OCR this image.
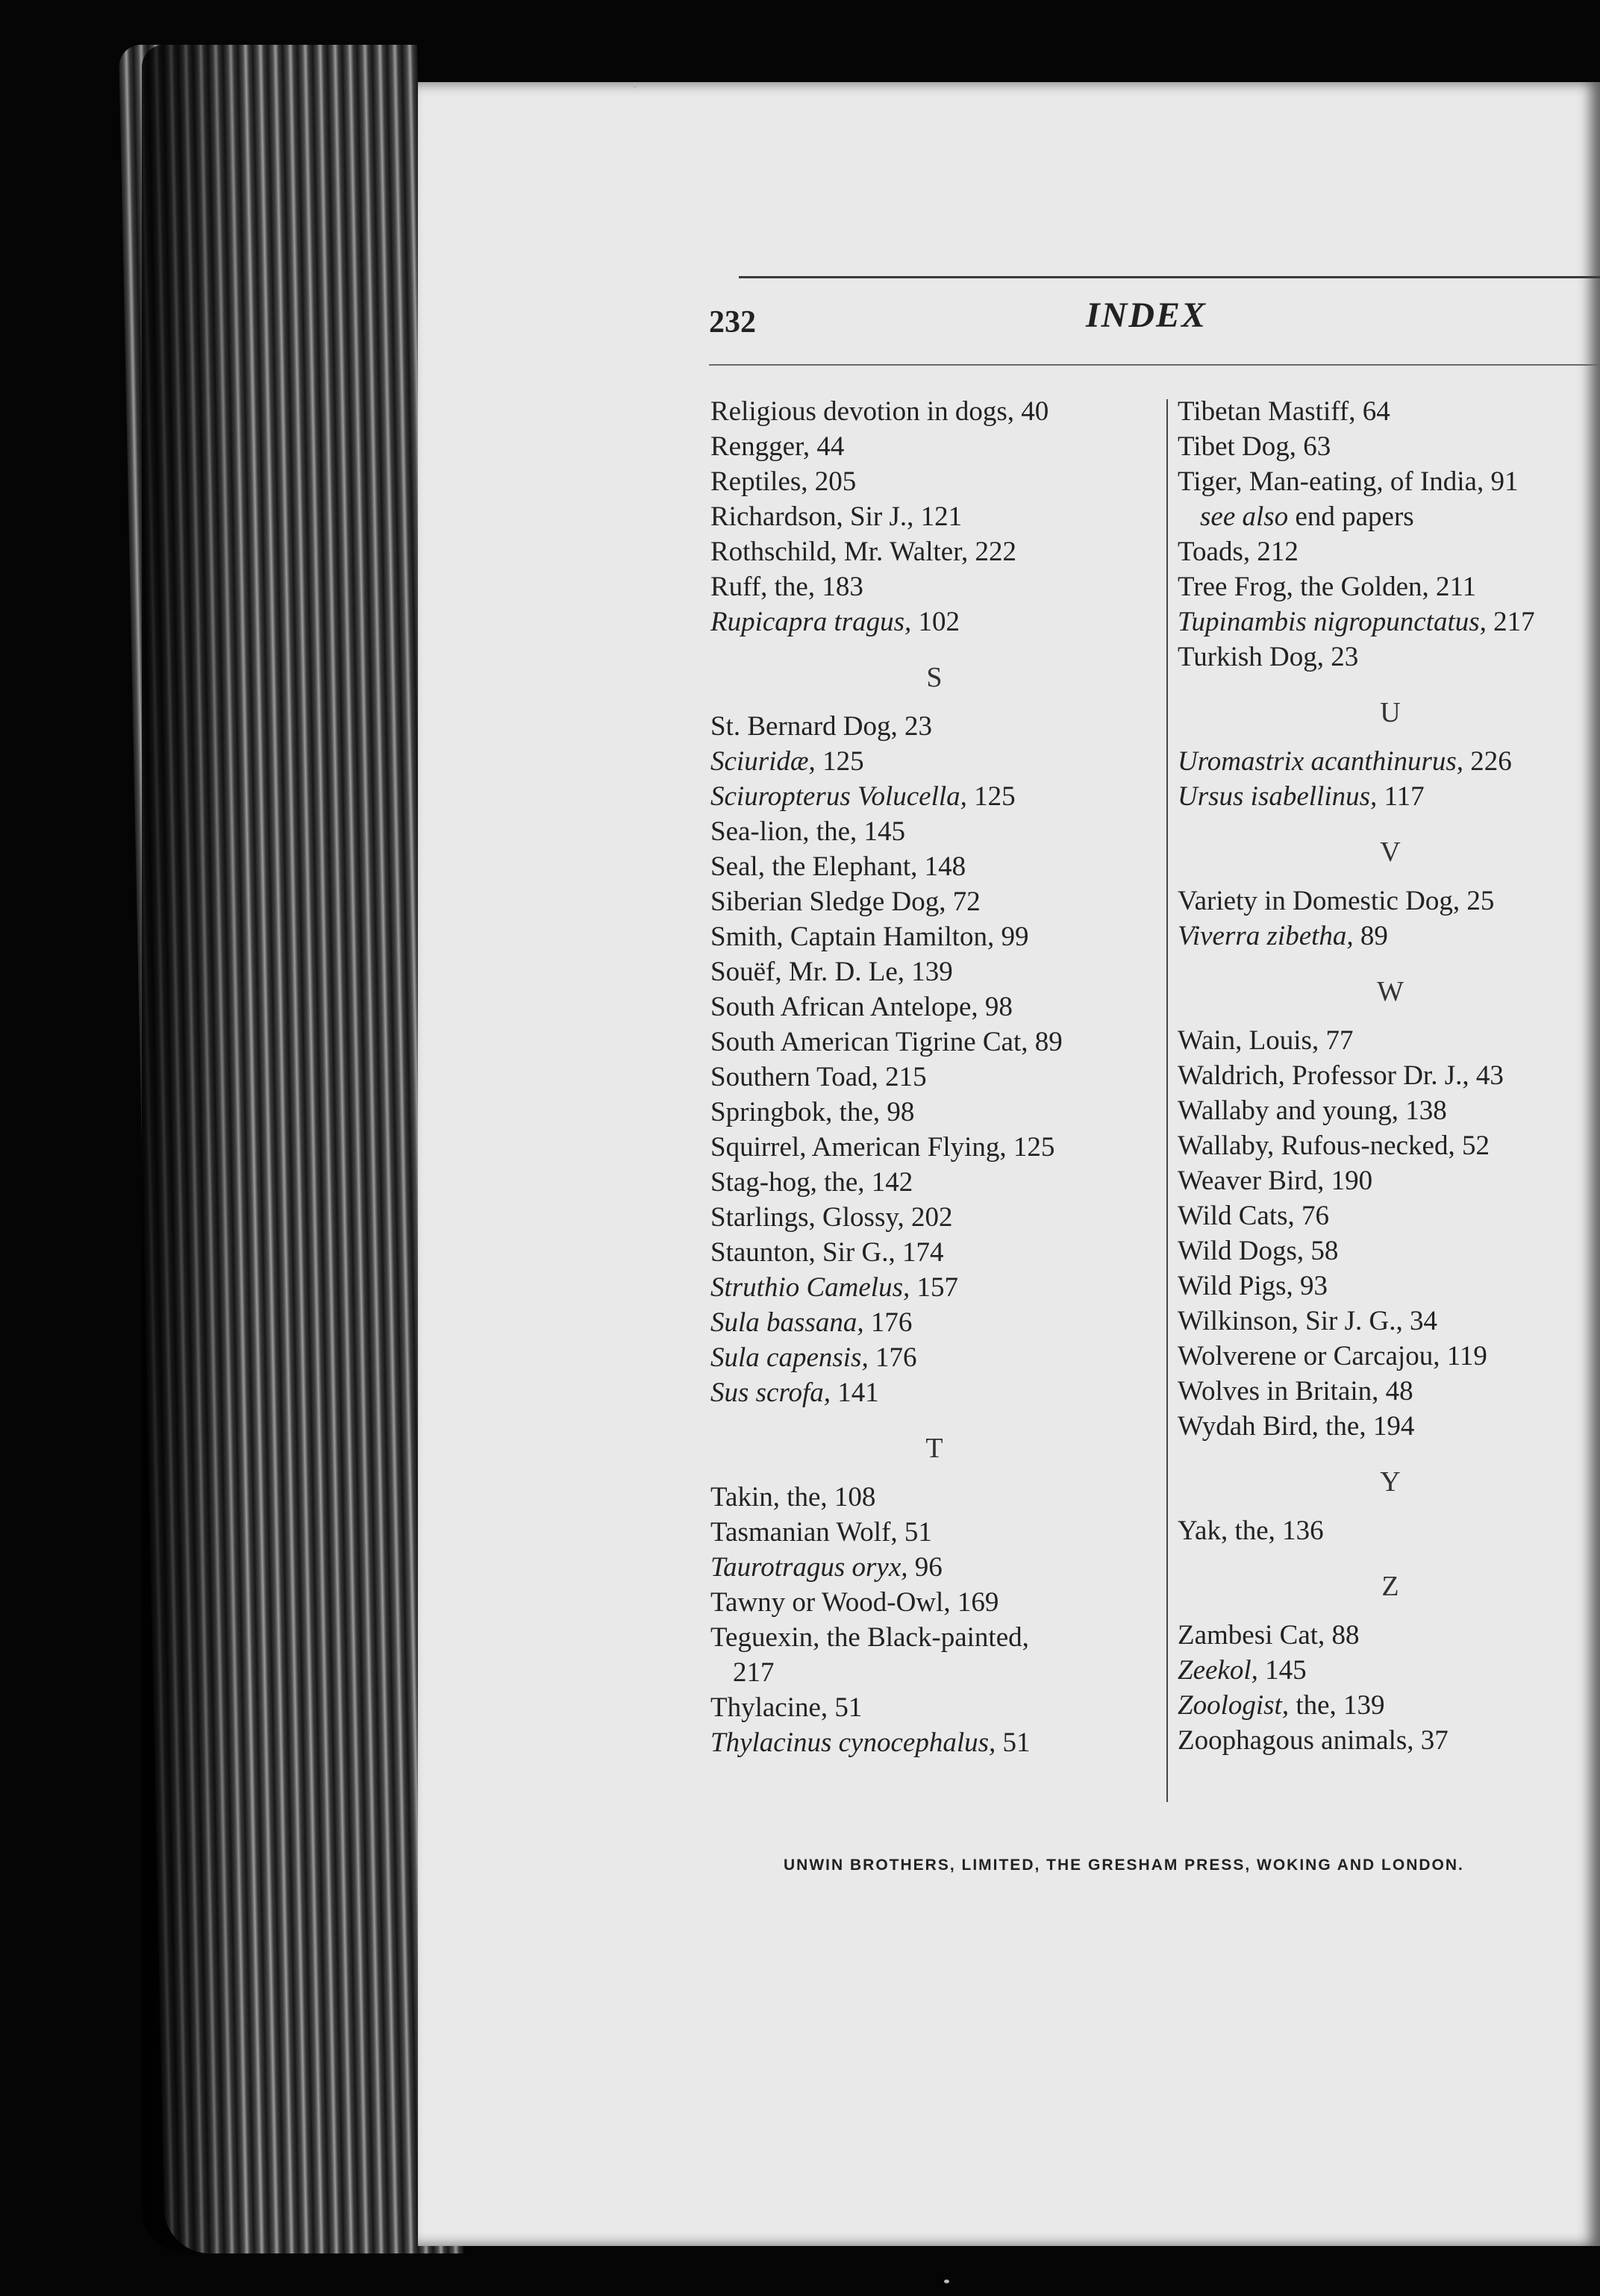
232	INDEX
Religious devotion in dogs, 40
Rengger, 44
Reptiles, 205
Richardson, Sir J., 121
Rothschild, Mr. Walter, 222
Ruff, the, 183
Rupicapra tragus, 102
S
St. Bernard Dog, 23
Sciuridæ, 125
Sciuropterus Volucella, 125
Sea-lion, the, 145
Seal, the Elephant, 148
Siberian Sledge Dog, 72
Smith, Captain Hamilton, 99
Souëf, Mr. D. Le, 139
South African Antelope, 98
South American Tigrine Cat, 89
Southern Toad, 215
Springbok, the, 98
Squirrel, American Flying, 125
Stag-hog, the, 142
Starlings, Glossy, 202
Staunton, Sir G., 174
Struthio Camelus, 157
Sula bassana, 176
Sula capensis, 176
Sus scrofa, 141
T
Takin, the, 108
Tasmanian Wolf, 51
Taurotragus oryx, 96
Tawny or Wood-Owl, 169
Teguexin, the Black-painted,
217
Thylacine, 51
Thylacinus cynocephalus, 51
Tibetan Mastiff, 64
Tibet Dog, 63
Tiger, Man-eating, of India, 91
see also end papers
Toads, 212
Tree Frog, the Golden, 211
Tupinambis nigropunctatus, 217
Turkish Dog, 23
U
Uromastrix acanthinurus, 226
Ursus isabellinus, 117
V
Variety in Domestic Dog, 25
Viverra zibetha, 89
W
Wain, Louis, 77
Waldrich, Professor Dr. J., 43
Wallaby and young, 138
Wallaby, Rufous-necked, 52
Weaver Bird, 190
Wild Cats, 76
Wild Dogs, 58
Wild Pigs, 93
Wilkinson, Sir J. G., 34
Wolverene or Carcajou, 119
Wolves in Britain, 48
Wydah Bird, the, 194
Y
Yak, the, 136
Z
Zambesi Cat, 88
Zeekol, 145
Zoologist, the, 139
Zoophagous animals, 37
UNWIN BROTHERS, LIMITED, THE GRESHAM PRESS, WOKING AND LONDON.
